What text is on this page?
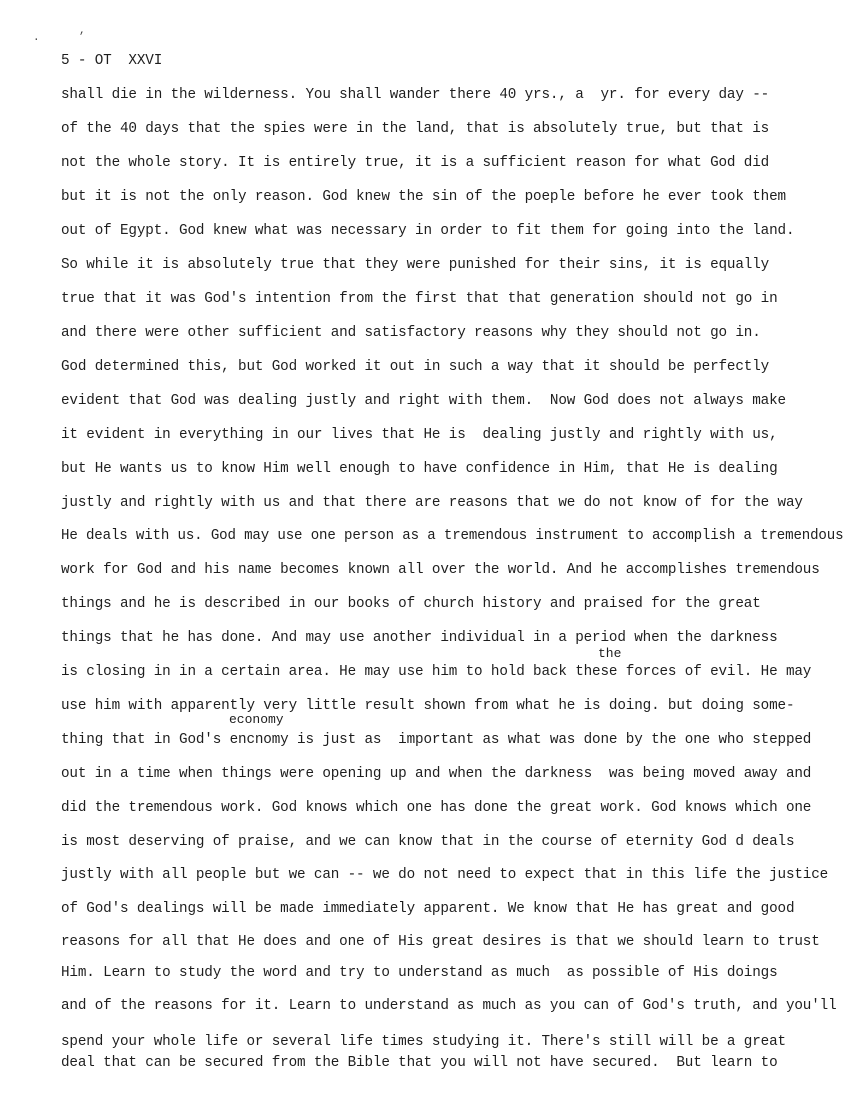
.
,
5 - OT  XXVI
shall die in the wilderness. You shall wander there 40 yrs., a  yr. for every day --
of the 40 days that the spies were in the land, that is absolutely true, but that is
not the whole story. It is entirely true, it is a sufficient reason for what God did
but it is not the only reason. God knew the sin of the poeple before he ever took them
out of Egypt. God knew what was necessary in order to fit them for going into the land.
So while it is absolutely true that they were punished for their sins, it is equally
true that it was God's intention from the first that that generation should not go in
and there were other sufficient and satisfactory reasons why they should not go in.
God determined this, but God worked it out in such a way that it should be perfectly
evident that God was dealing justly and right with them.  Now God does not always make
it evident in everything in our lives that He is  dealing justly and rightly with us,
but He wants us to know Him well enough to have confidence in Him, that He is dealing
justly and rightly with us and that there are reasons that we do not know of for the way
He deals with us. God may use one person as a tremendous instrument to accomplish a tremendous
work for God and his name becomes known all over the world. And he accomplishes tremendous
things and he is described in our books of church history and praised for the great
things that he has done. And may use another individual in a period when the darkness
the
is closing in in a certain area. He may use him to hold back these forces of evil. He may
use him with apparently very little result shown from what he is doing. but doing some-
economy
thing that in God's encnomy is just as  important as what was done by the one who stepped
out in a time when things were opening up and when the darkness  was being moved away and
did the tremendous work. God knows which one has done the great work. God knows which one
is most deserving of praise, and we can know that in the course of eternity God d deals
justly with all people but we can -- we do not need to expect that in this life the justice
of God's dealings will be made immediately apparent. We know that He has great and good
reasons for all that He does and one of His great desires is that we should learn to trust
Him. Learn to study the word and try to understand as much  as possible of His doings
and of the reasons for it. Learn to understand as much as you can of God's truth, and you'll
spend your whole life or several life times studying it. There's still will be a great
deal that can be secured from the Bible that you will not have secured.  But learn to
